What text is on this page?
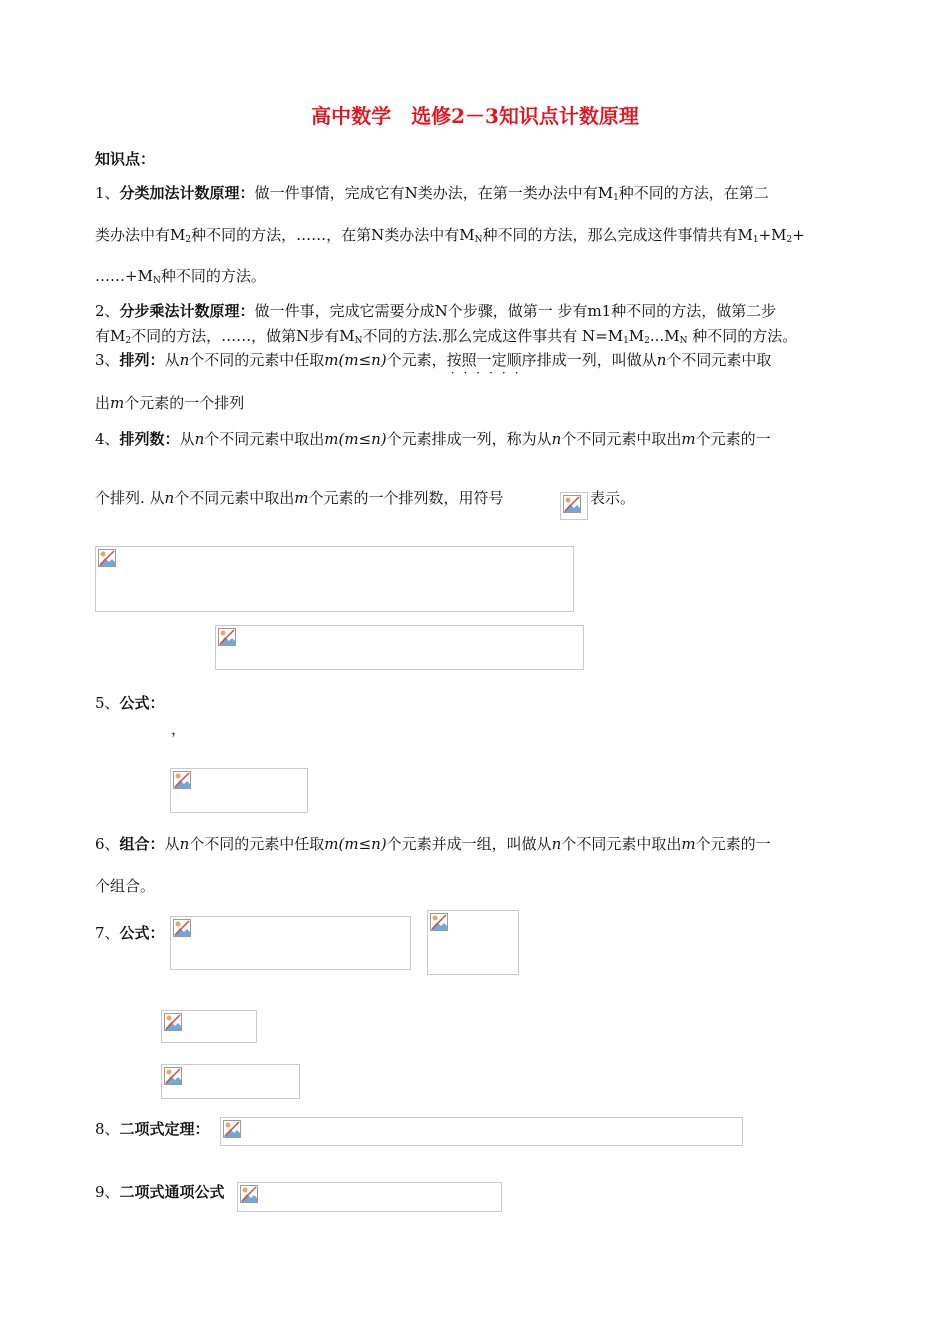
高中数学　选修2－3知识点计数原理
知识点：
1、分类加法计数原理：做一件事情，完成它有N类办法，在第一类办法中有$M_1$种不同的方法，在第二
类办法中有$M_2$种不同的方法，……，在第N类办法中有$M_N$种不同的方法，那么完成这件事情共有$M_1+M_2+$
$\dots\dots+M_N$种不同的方法。
2、分步乘法计数原理：做一件事，完成它需要分成N个步骤，做第一 步有m1种不同的方法，做第二步
有$M_2$不同的方法，……，做第N步有$M_N$不同的方法.那么完成这件事共有 $N=M_1M_2...M_N$ 种不同的方法。
3、排列：从n个不同的元素中任取m(m≤n)个元素，按照一定顺序
······
排成一列，叫做从n个不同元素中取
出m个元素的一个排列
4、排列数：从n个不同元素中取出m(m≤n)个元素排成一列，称为从n个不同元素中取出m个元素的一
个排列. 从n个不同元素中取出m个元素的一个排列数，用符号	表示。
5、公式：
，
6、组合：从n个不同的元素中任取m(m≤n)个元素并成一组，叫做从n个不同元素中取出m个元素的一
个组合。
7、公式：
8、二项式定理：
9、二项式通项公式
